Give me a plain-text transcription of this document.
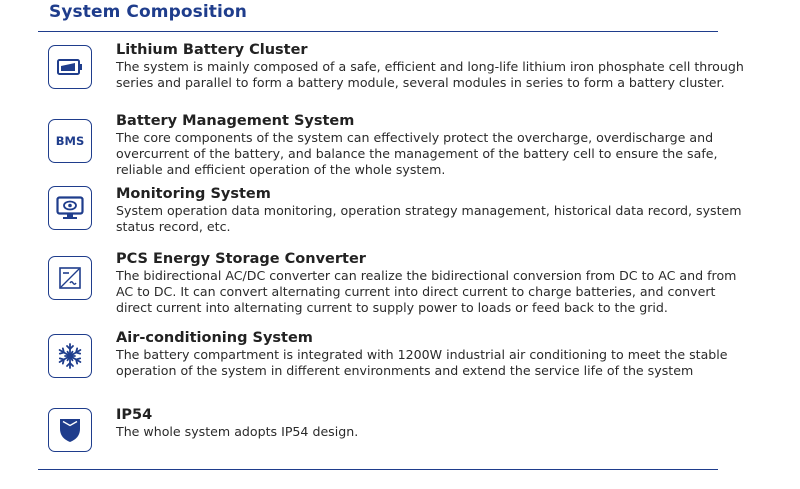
System Composition
Lithium Battery Cluster

The system is mainly composed of a safe, efficient and long-life lithium iron phosphate cell through series and parallel to form a battery module, several modules in series to form a battery cluster.

BMS
Battery Management System

The core components of the system can effectively protect the overcharge, overdischarge and overcurrent of the battery, and balance the management of the battery cell to ensure the safe, reliable and efficient operation of the whole system.

Monitoring System

System operation data monitoring, operation strategy management, historical data record, system status record, etc.

PCS Energy Storage Converter

The bidirectional AC/DC converter can realize the bidirectional conversion from DC to AC and from AC to DC. It can convert alternating current into direct current to charge batteries, and convert direct current into alternating current to supply power to loads or feed back to the grid.

Air-conditioning System

The battery compartment is integrated with 1200W industrial air conditioning to meet the stable operation of the system in different environments and extend the service life of the system

IP54

The whole system adopts IP54 design.
